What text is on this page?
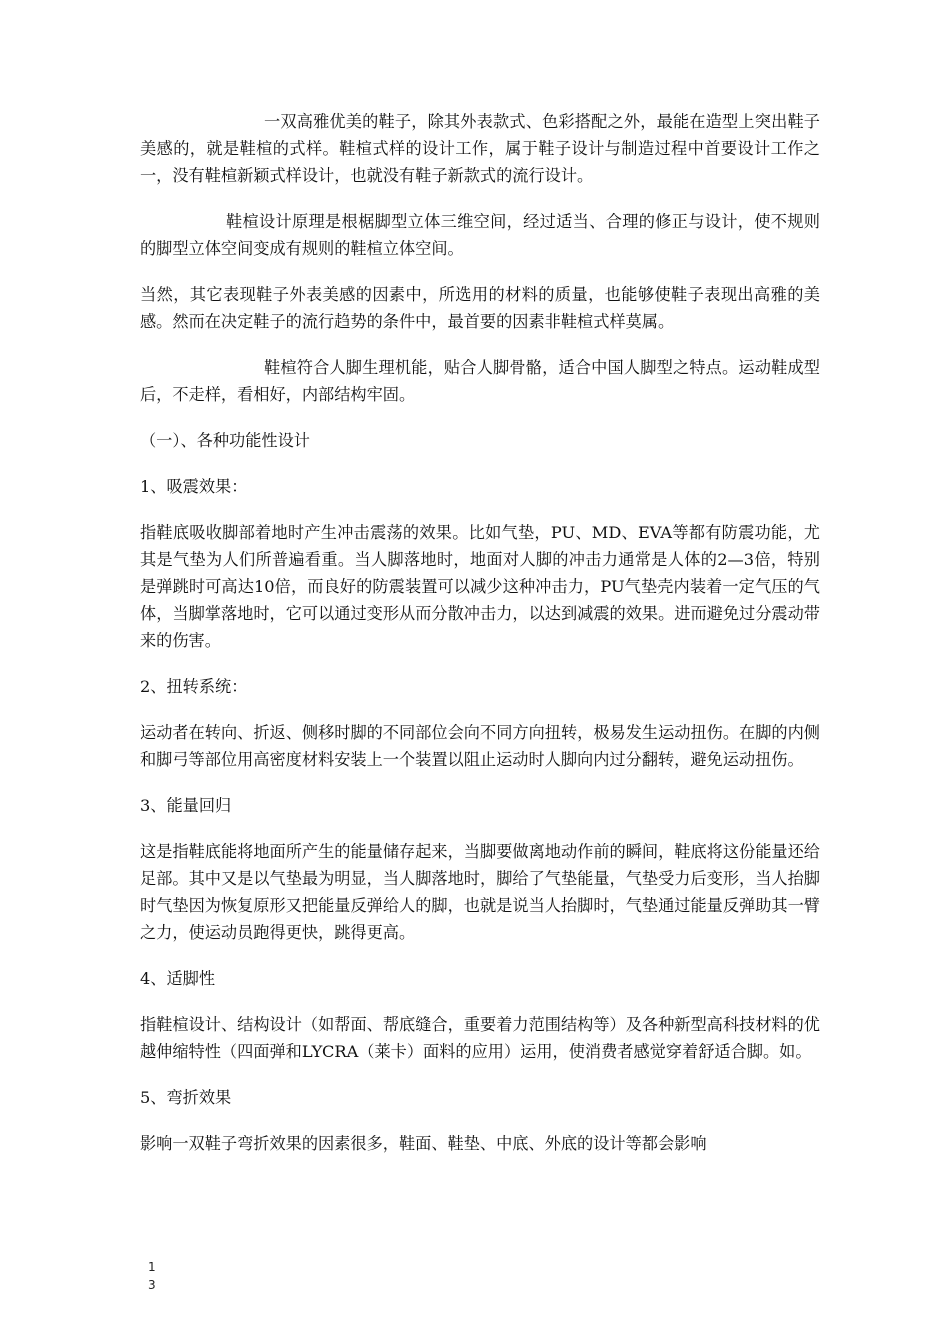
一双高雅优美的鞋子，除其外表款式、色彩搭配之外，最能在造型上突出鞋子美感的，就是鞋楦的式样。鞋楦式样的设计工作，属于鞋子设计与制造过程中首要设计工作之一，没有鞋楦新颖式样设计，也就没有鞋子新款式的流行设计。

鞋楦设计原理是根椐脚型立体三维空间，经过适当、合理的修正与设计，使不规则的脚型立体空间变成有规则的鞋楦立体空间。

当然，其它表现鞋子外表美感的因素中，所选用的材料的质量，也能够使鞋子表现出高雅的美感。然而在决定鞋子的流行趋势的条件中，最首要的因素非鞋楦式样莫属。

鞋楦符合人脚生理机能，贴合人脚骨骼，适合中国人脚型之特点。运动鞋成型后，不走样，看相好，内部结构牢固。

（一）、各种功能性设计

1、吸震效果：

指鞋底吸收脚部着地时产生冲击震荡的效果。比如气垫，PU、MD、EVA等都有防震功能，尤其是气垫为人们所普遍看重。当人脚落地时，地面对人脚的冲击力通常是人体的2—3倍，特别是弹跳时可高达10倍，而良好的防震装置可以减少这种冲击力，PU气垫壳内装着一定气压的气体，当脚掌落地时，它可以通过变形从而分散冲击力，以达到减震的效果。进而避免过分震动带来的伤害。

2、扭转系统：

运动者在转向、折返、侧移时脚的不同部位会向不同方向扭转，极易发生运动扭伤。在脚的内侧和脚弓等部位用高密度材料安装上一个装置以阻止运动时人脚向内过分翻转，避免运动扭伤。

3、能量回归

这是指鞋底能将地面所产生的能量储存起来，当脚要做离地动作前的瞬间，鞋底将这份能量还给足部。其中又是以气垫最为明显，当人脚落地时，脚给了气垫能量，气垫受力后变形，当人抬脚时气垫因为恢复原形又把能量反弹给人的脚，也就是说当人抬脚时，气垫通过能量反弹助其一臂之力，使运动员跑得更快，跳得更高。

4、适脚性

指鞋楦设计、结构设计（如帮面、帮底缝合，重要着力范围结构等）及各种新型高科技材料的优越伸缩特性（四面弹和LYCRA（莱卡）面料的应用）运用，使消费者感觉穿着舒适合脚。如。

5、弯折效果

影响一双鞋子弯折效果的因素很多，鞋面、鞋垫、中底、外底的设计等都会影响

1
3
